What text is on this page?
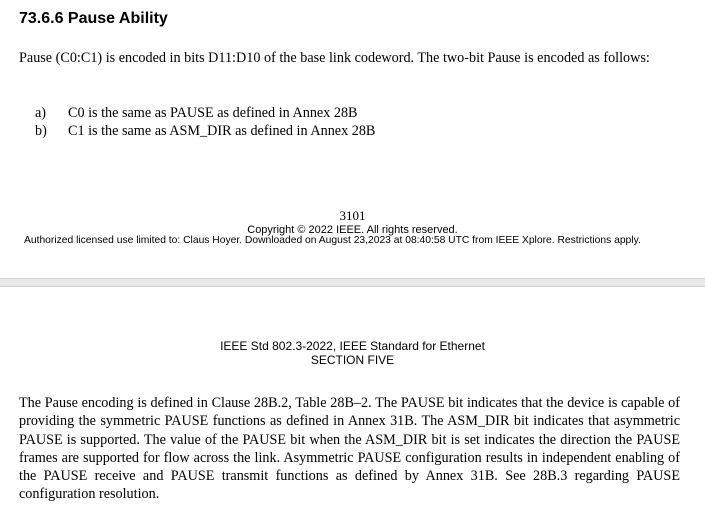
73.6.6 Pause Ability

Pause (C0:C1) is encoded in bits D11:D10 of the base link codeword. The two-bit Pause is encoded as follows:

a)	C0 is the same as PAUSE as defined in Annex 28B
b)	C1 is the same as ASM_DIR as defined in Annex 28B
3101
Copyright © 2022 IEEE. All rights reserved.
Authorized licensed use limited to: Claus Hoyer. Downloaded on August 23,2023 at 08:40:58 UTC from IEEE Xplore. Restrictions apply.
IEEE Std 802.3-2022, IEEE Standard for Ethernet
SECTION FIVE

The Pause encoding is defined in Clause 28B.2, Table 28B–2. The PAUSE bit indicates that the device is capable of providing the symmetric PAUSE functions as defined in Annex 31B. The ASM_DIR bit indicates that asymmetric PAUSE is supported. The value of the PAUSE bit when the ASM_DIR bit is set indicates the direction the PAUSE frames are supported for flow across the link. Asymmetric PAUSE configuration results in independent enabling of the PAUSE receive and PAUSE transmit functions as defined by Annex 31B. See 28B.3 regarding PAUSE configuration resolution.
